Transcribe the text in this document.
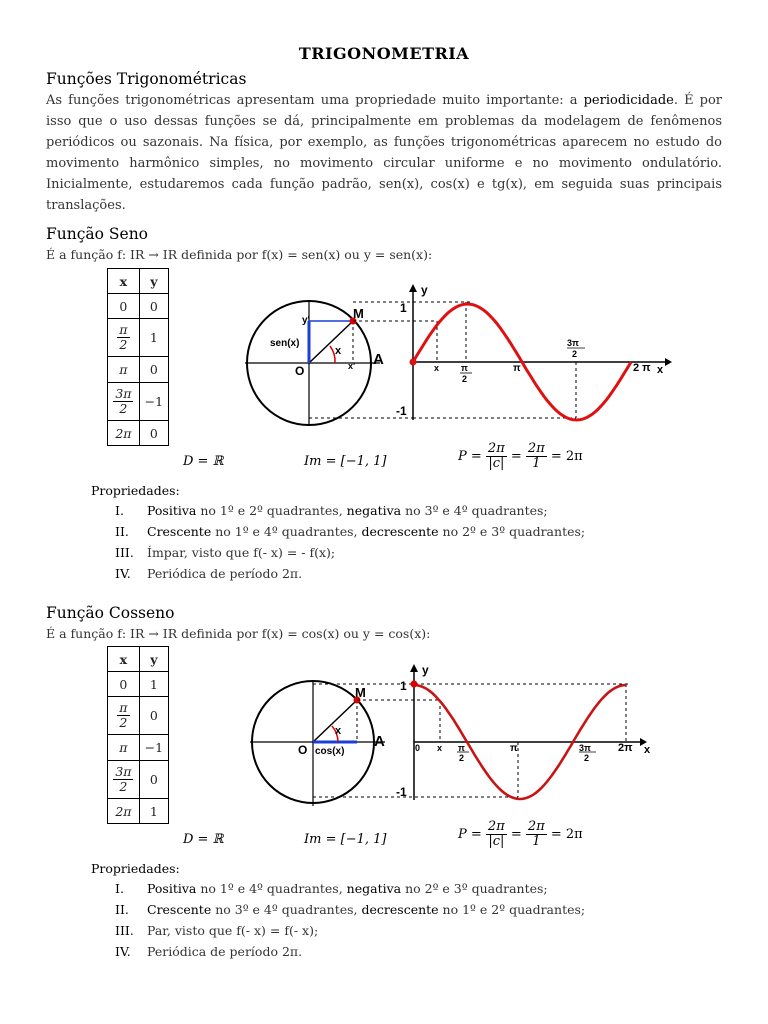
TRIGONOMETRIA
Funções Trigonométricas
As funções trigonométricas apresentam uma propriedade muito importante: a periodicidade. É por isso que o uso dessas funções se dá, principalmente em problemas da modelagem de fenômenos periódicos ou sazonais. Na física, por exemplo, as funções trigonométricas aparecem no estudo do movimento harmônico simples, no movimento circular uniforme e no movimento ondulatório. Inicialmente, estudaremos cada função padrão, sen(x), cos(x) e tg(x), em seguida suas principais translações.
Função Seno
É a função f: IR → IR definida por f(x) = sen(x) ou y = sen(x):
x	y
0	0

$\frac{\pi}{2}$	1
π	0

$\frac{3\pi}{2}$	−1
2π	0
y'
sen(x)
x
x'
M
A
O
y
1
-1
x π
2
π
3π
2
2 π x
D = ℝ	Im = [−1, 1]	$P = \frac{2\pi}{|c|} = \frac{2\pi}{1} = 2\pi$
Propriedades:
I. Positiva no 1º e 2º quadrantes, negativa no 3º e 4º quadrantes;
II. Crescente no 1º e 4º quadrantes, decrescente no 2º e 3º quadrantes;
III. Ímpar, visto que f(- x) = - f(x);
IV. Periódica de período 2π.
Função Cosseno
É a função f: IR → IR definida por f(x) = cos(x) ou y = cos(x):
x	y
0	1

$\frac{\pi}{2}$	0
π	−1

$\frac{3\pi}{2}$	0
2π	1
x
cos(x)
M
A
O
y
1
-1
0 x π
2
π	3π
2
2π x
D = ℝ	Im = [−1, 1]	$P = \frac{2\pi}{|c|} = \frac{2\pi}{1} = 2\pi$
Propriedades:
I. Positiva no 1º e 4º quadrantes, negativa no 2º e 3º quadrantes;
II. Crescente no 3º e 4º quadrantes, decrescente no 1º e 2º quadrantes;
III. Par, visto que f(- x) = f(- x);
IV. Periódica de período 2π.
